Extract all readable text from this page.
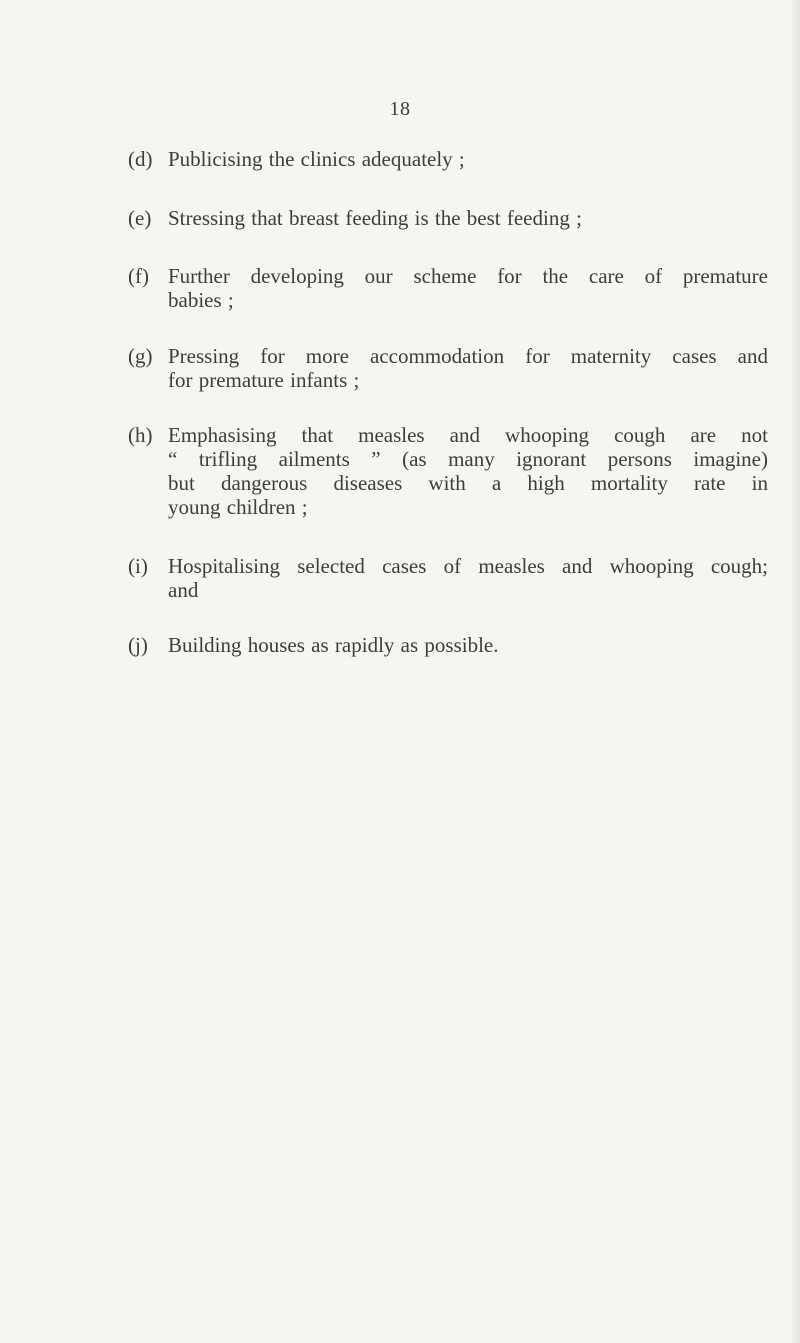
18
(d) Publicising the clinics adequately ;
(e) Stressing that breast feeding is the best feeding ;
(f) Further developing our scheme for the care of premature
babies ;
(g) Pressing for more accommodation for maternity cases and
for premature infants ;
(h) Emphasising that measles and whooping cough are not
“ trifling ailments ” (as many ignorant persons imagine)
but dangerous diseases with a high mortality rate in
young children ;
(i) Hospitalising selected cases of measles and whooping cough;
and
(j) Building houses as rapidly as possible.
